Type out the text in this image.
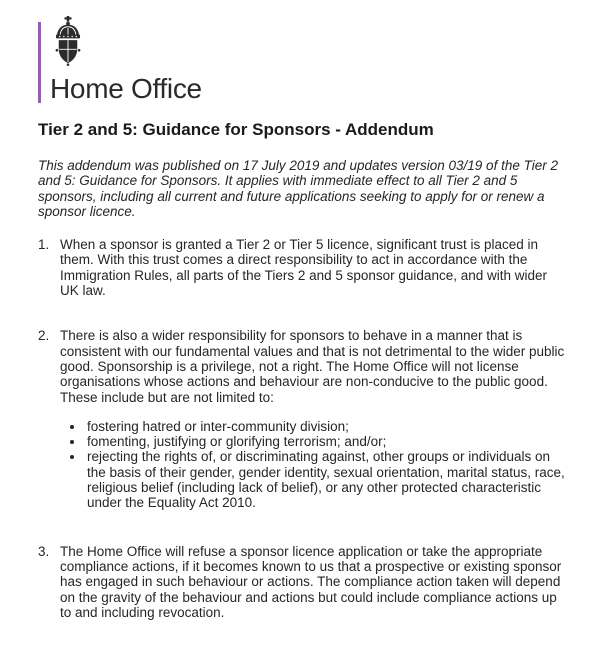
Home Office
Tier 2 and 5: Guidance for Sponsors - Addendum

This addendum was published on 17 July 2019 and updates version 03/19 of the Tier 2 and 5: Guidance for Sponsors. It applies with immediate effect to all Tier 2 and 5 sponsors, including all current and future applications seeking to apply for or renew a sponsor licence.

1. When a sponsor is granted a Tier 2 or Tier 5 licence, significant trust is placed in them. With this trust comes a direct responsibility to act in accordance with the Immigration Rules, all parts of the Tiers 2 and 5 sponsor guidance, and with wider UK law.
2. There is also a wider responsibility for sponsors to behave in a manner that is consistent with our fundamental values and that is not detrimental to the wider public good. Sponsorship is a privilege, not a right. The Home Office will not license organisations whose actions and behaviour are non-conducive to the public good. These include but are not limited to:
• fostering hatred or inter-community division;
• fomenting, justifying or glorifying terrorism; and/or;
• rejecting the rights of, or discriminating against, other groups or individuals on the basis of their gender, gender identity, sexual orientation, marital status, race, religious belief (including lack of belief), or any other protected characteristic under the Equality Act 2010.
3. The Home Office will refuse a sponsor licence application or take the appropriate compliance actions, if it becomes known to us that a prospective or existing sponsor has engaged in such behaviour or actions. The compliance action taken will depend on the gravity of the behaviour and actions but could include compliance actions up to and including revocation.
